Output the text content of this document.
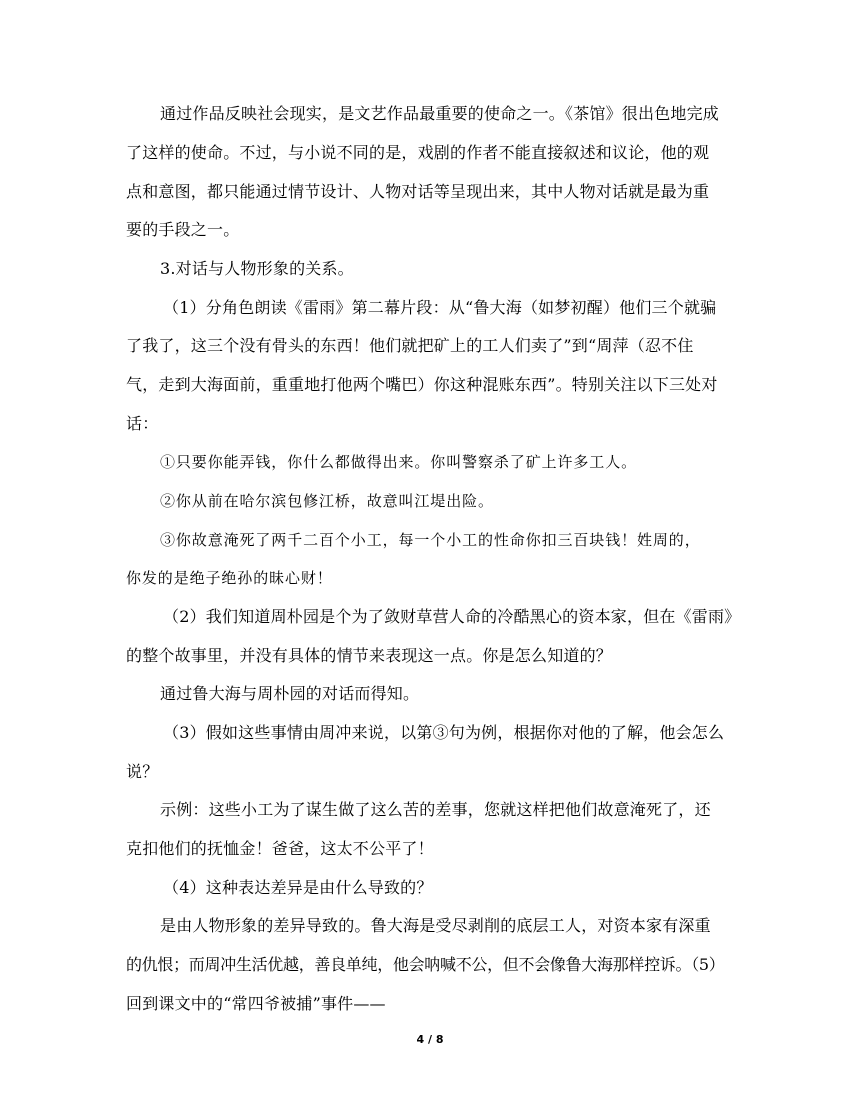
通过作品反映社会现实，是文艺作品最重要的使命之一。《茶馆》很出色地完成
了这样的使命。不过，与小说不同的是，戏剧的作者不能直接叙述和议论，他的观
点和意图，都只能通过情节设计、人物对话等呈现出来，其中人物对话就是最为重
要的手段之一。
3.对话与人物形象的关系。
（1）分角色朗读《雷雨》第二幕片段：从“鲁大海（如梦初醒）他们三个就骗
了我了，这三个没有骨头的东西！他们就把矿上的工人们卖了”到“周萍（忍不住
气，走到大海面前，重重地打他两个嘴巴）你这种混账东西”。特别关注以下三处对
话：
①只要你能弄钱，你什么都做得出来。你叫警察杀了矿上许多工人。
②你从前在哈尔滨包修江桥，故意叫江堤出险。
③你故意淹死了两千二百个小工，每一个小工的性命你扣三百块钱！姓周的，
你发的是绝子绝孙的昧心财！
（2）我们知道周朴园是个为了敛财草营人命的冷酷黑心的资本家，但在《雷雨》
的整个故事里，并没有具体的情节来表现这一点。你是怎么知道的？
通过鲁大海与周朴园的对话而得知。
（3）假如这些事情由周冲来说，以第③句为例，根据你对他的了解，他会怎么
说？
示例：这些小工为了谋生做了这么苦的差事，您就这样把他们故意淹死了，还
克扣他们的抚恤金！爸爸，这太不公平了！
（4）这种表达差异是由什么导致的？
是由人物形象的差异导致的。鲁大海是受尽剥削的底层工人，对资本家有深重
的仇恨；而周冲生活优越，善良单纯，他会呐喊不公，但不会像鲁大海那样控诉。（5）
回到课文中的“常四爷被捕”事件——
4 / 8
